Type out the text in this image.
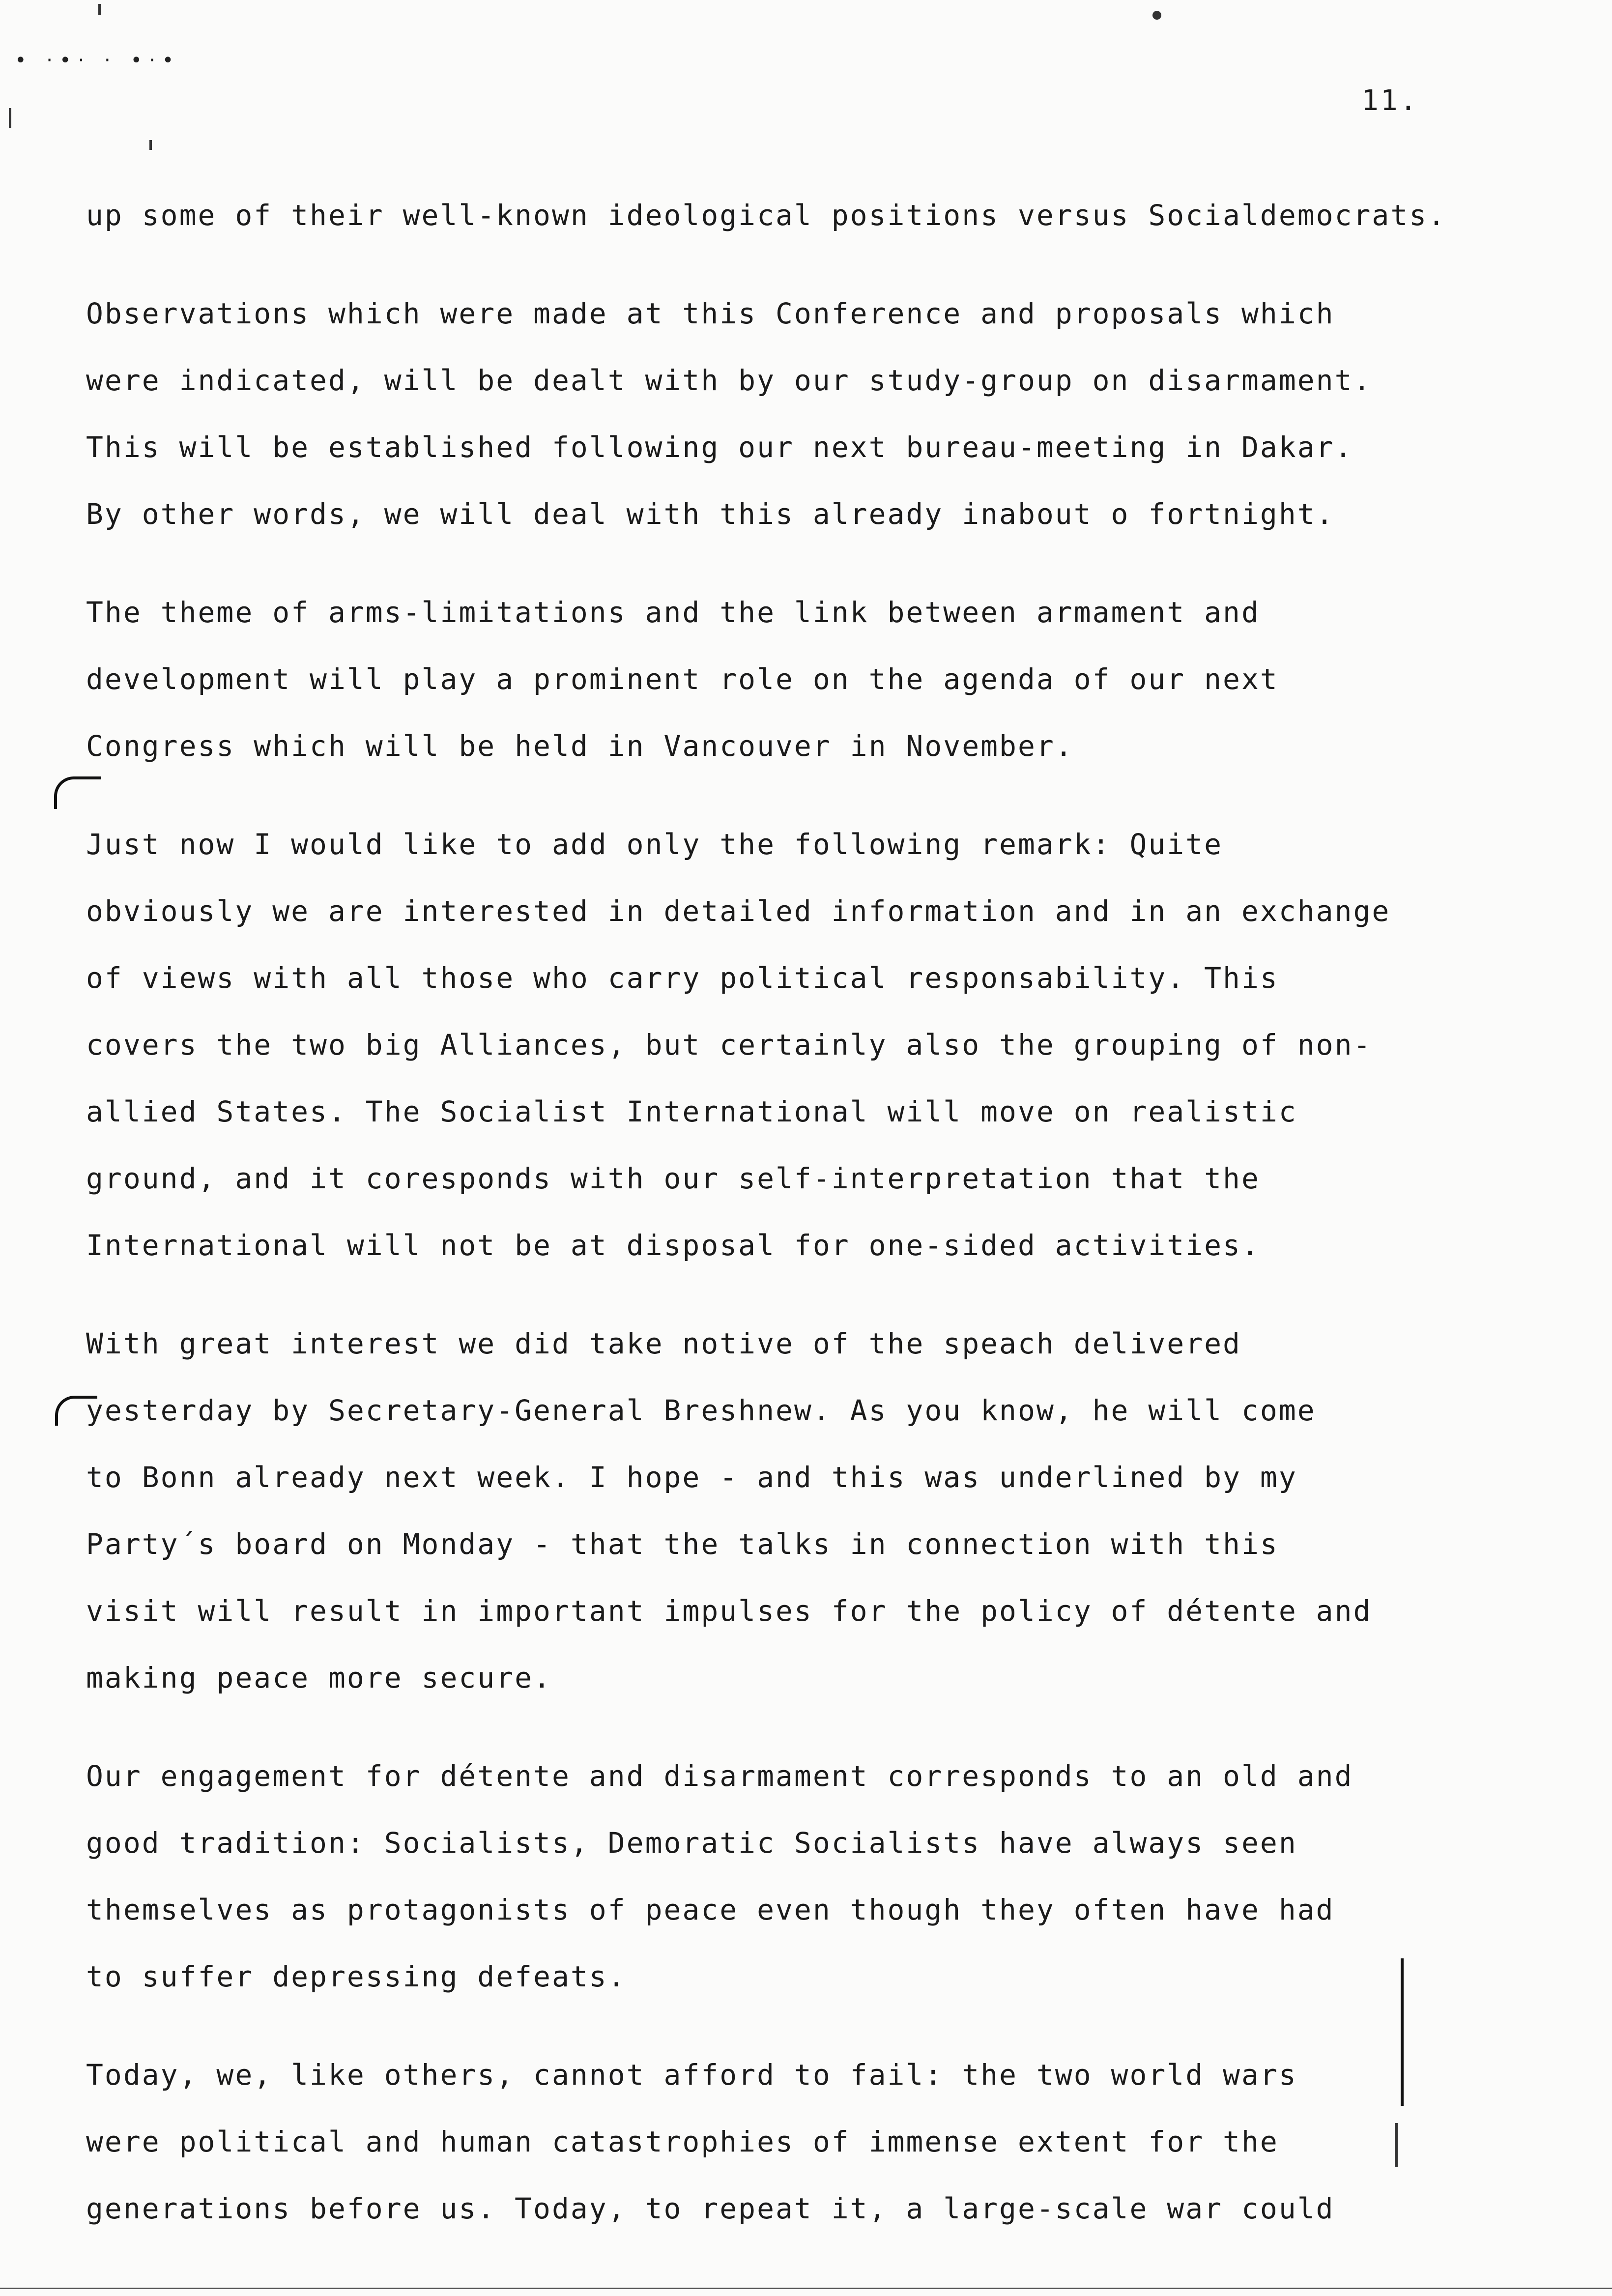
• ·•· · •·•
11.
up some of their well-known ideological positions versus Socialdemocrats.
Observations which were made at this Conference and proposals which
were indicated, will be dealt with by our study-group on disarmament.
This will be established following our next bureau-meeting in Dakar.
By other words, we will deal with this already inabout o fortnight.
The theme of arms-limitations and the link between armament and
development will play a prominent role on the agenda of our next
Congress which will be held in Vancouver in November.
Just now I would like to add only the following remark: Quite
obviously we are interested in detailed information and in an exchange
of views with all those who carry political responsability. This
covers the two big Alliances, but certainly also the grouping of non-
allied States. The Socialist International will move on realistic
ground, and it coresponds with our self-interpretation that the
International will not be at disposal for one-sided activities.
With great interest we did take notive of the speach delivered
yesterday by Secretary-General Breshnew. As you know, he will come
to Bonn already next week. I hope - and this was underlined by my
Party´s board on Monday - that the talks in connection with this
visit will result in important impulses for the policy of détente and
making peace more secure.
Our engagement for détente and disarmament corresponds to an old and
good tradition: Socialists, Demoratic Socialists have always seen
themselves as protagonists of peace even though they often have had
to suffer depressing defeats.
Today, we, like others, cannot afford to fail: the two world wars
were political and human catastrophies of immense extent for the
generations before us. Today, to repeat it, a large-scale war could
